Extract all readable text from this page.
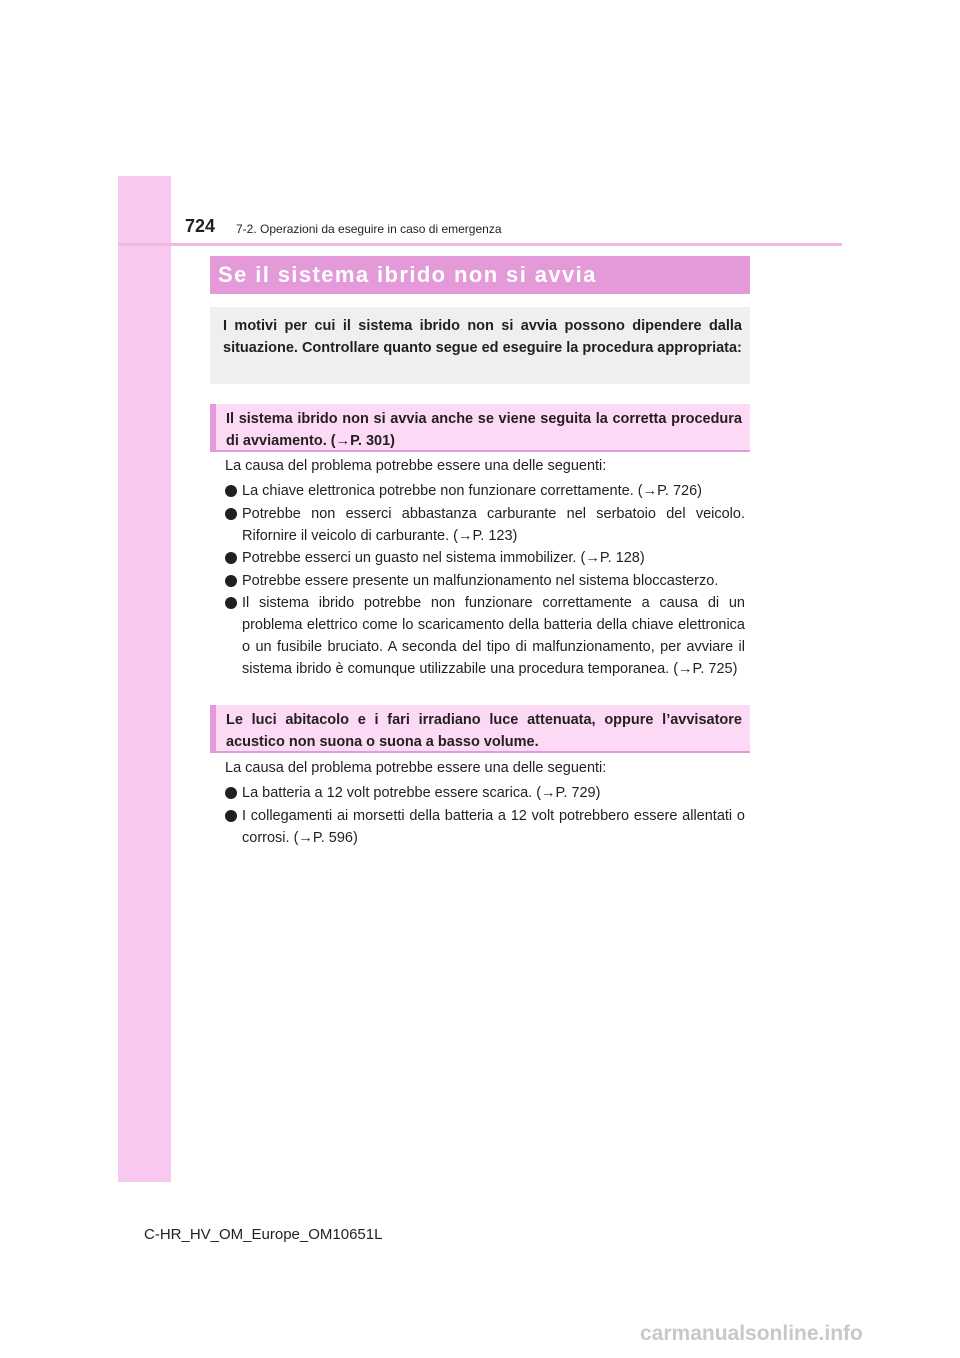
724 7-2. Operazioni da eseguire in caso di emergenza
Se il sistema ibrido non si avvia
I motivi per cui il sistema ibrido non si avvia possono dipendere dalla situazione. Controllare quanto segue ed eseguire la procedura appropriata:
Il sistema ibrido non si avvia anche se viene seguita la corretta procedura di avviamento. (→P. 301)
La causa del problema potrebbe essere una delle seguenti:
La chiave elettronica potrebbe non funzionare correttamente. (→P. 726)
Potrebbe non esserci abbastanza carburante nel serbatoio del veicolo. Rifornire il veicolo di carburante. (→P. 123)
Potrebbe esserci un guasto nel sistema immobilizer. (→P. 128)
Potrebbe essere presente un malfunzionamento nel sistema bloccasterzo.
Il sistema ibrido potrebbe non funzionare correttamente a causa di un problema elettrico come lo scaricamento della batteria della chiave elettronica o un fusibile bruciato. A seconda del tipo di malfunzionamento, per avviare il sistema ibrido è comunque utilizzabile una procedura temporanea. (→P. 725)
Le luci abitacolo e i fari irradiano luce attenuata, oppure l’avvisatore acustico non suona o suona a basso volume.
La causa del problema potrebbe essere una delle seguenti:
La batteria a 12 volt potrebbe essere scarica. (→P. 729)
I collegamenti ai morsetti della batteria a 12 volt potrebbero essere allentati o corrosi. (→P. 596)
C-HR_HV_OM_Europe_OM10651L
carmanualsonline.info
